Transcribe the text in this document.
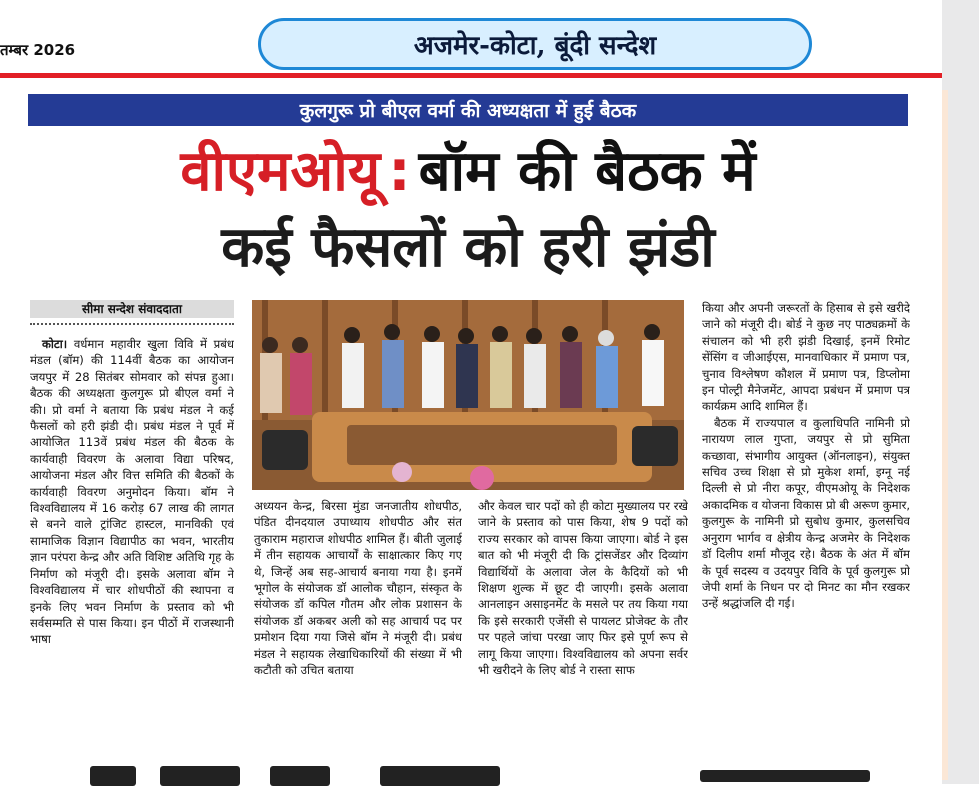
तम्बर 2026	अजमेर-कोटा, बूंदी सन्देश
कुलगुरू प्रो बीएल वर्मा की अध्यक्षता में हुई बैठक
वीएमओयू : बॉम की बैठक में
कई फैसलों को हरी झंडी
सीमा सन्देश संवाददाता

कोटा। वर्धमान महावीर खुला विवि में प्रबंध मंडल (बॉम) की 114वीं बैठक का आयोजन जयपुर में 28 सितंबर सोमवार को संपन्न हुआ। बैठक की अध्यक्षता कुलगुरू प्रो बीएल वर्मा ने की। प्रो वर्मा ने बताया कि प्रबंध मंडल ने कई फैसलों को हरी झंडी दी। प्रबंध मंडल ने पूर्व में आयोजित 113वें प्रबंध मंडल की बैठक के कार्यवाही विवरण के अलावा विद्या परिषद, आयोजना मंडल और वित्त समिति की बैठकों के कार्यवाही विवरण अनुमोदन किया। बॉम ने विश्वविद्यालय में 16 करोड़ 67 लाख की लागत से बनने वाले ट्रांजिट हास्टल, मानविकी एवं सामाजिक विज्ञान विद्यापीठ का भवन, भारतीय ज्ञान परंपरा केन्द्र और अति विशिष्ट अतिथि गृह के निर्माण को मंजूरी दी। इसके अलावा बॉम ने विश्वविद्यालय में चार शोधपीठों की स्थापना व इनके लिए भवन निर्माण के प्रस्ताव को भी सर्वसम्मति से पास किया। इन पीठों में राजस्थानी भाषा

अध्ययन केन्द्र, बिरसा मुंडा जनजातीय शोधपीठ, पंडित दीनदयाल उपाध्याय शोधपीठ और संत तुकाराम महाराज शोधपीठ शामिल हैं। बीती जुलाई में तीन सहायक आचार्यों के साक्षात्कार किए गए थे, जिन्हें अब सह-आचार्य बनाया गया है। इनमें भूगोल के संयोजक डॉ आलोक चौहान, संस्कृत के संयोजक डॉ कपिल गौतम और लोक प्रशासन के संयोजक डॉ अकबर अली को सह आचार्य पद पर प्रमोशन दिया गया जिसे बॉम ने मंजूरी दी। प्रबंध मंडल ने सहायक लेखाधिकारियों की संख्या में भी कटौती को उचित बताया

और केवल चार पदों को ही कोटा मुख्यालय पर रखे जाने के प्रस्ताव को पास किया, शेष 9 पदों को राज्य सरकार को वापस किया जाएगा। बोर्ड ने इस बात को भी मंजूरी दी कि ट्रांसजेंडर और दिव्यांग विद्यार्थियों के अलावा जेल के कैदियों को भी शिक्षण शुल्क में छूट दी जाएगी। इसके अलावा आनलाइन असाइनमेंट के मसले पर तय किया गया कि इसे सरकारी एजेंसी से पायलट प्रोजेक्ट के तौर पर पहले जांचा परखा जाए फिर इसे पूर्ण रूप से लागू किया जाएगा। विश्वविद्यालय को अपना सर्वर भी खरीदने के लिए बोर्ड ने रास्ता साफ

किया और अपनी जरूरतों के हिसाब से इसे खरीदे जाने को मंजूरी दी। बोर्ड ने कुछ नए पाठ्यक्रमों के संचालन को भी हरी झंडी दिखाई, इनमें रिमोट सेंसिंग व जीआईएस, मानवाधिकार में प्रमाण पत्र, चुनाव विश्लेषण कौशल में प्रमाण पत्र, डिप्लोमा इन पोल्ट्री मैनेजमेंट, आपदा प्रबंधन में प्रमाण पत्र कार्यक्रम आदि शामिल हैं।

बैठक में राज्यपाल व कुलाधिपति नामिनी प्रो नारायण लाल गुप्ता, जयपुर से प्रो सुमिता कच्छावा, संभागीय आयुक्त (ऑनलाइन), संयुक्त सचिव उच्च शिक्षा से प्रो मुकेश शर्मा, इग्नू नई दिल्ली से प्रो नीरा कपूर, वीएमओयू के निदेशक अकादमिक व योजना विकास प्रो बी अरूण कुमार, कुलगुरू के नामिनी प्रो सुबोध कुमार, कुलसचिव अनुराग भार्गव व क्षेत्रीय केन्द्र अजमेर के निदेशक डॉ दिलीप शर्मा मौजूद रहे। बैठक के अंत में बॉम के पूर्व सदस्य व उदयपुर विवि के पूर्व कुलगुरू प्रो जेपी शर्मा के निधन पर दो मिनट का मौन रखकर उन्हें श्रद्धांजलि दी गई।
